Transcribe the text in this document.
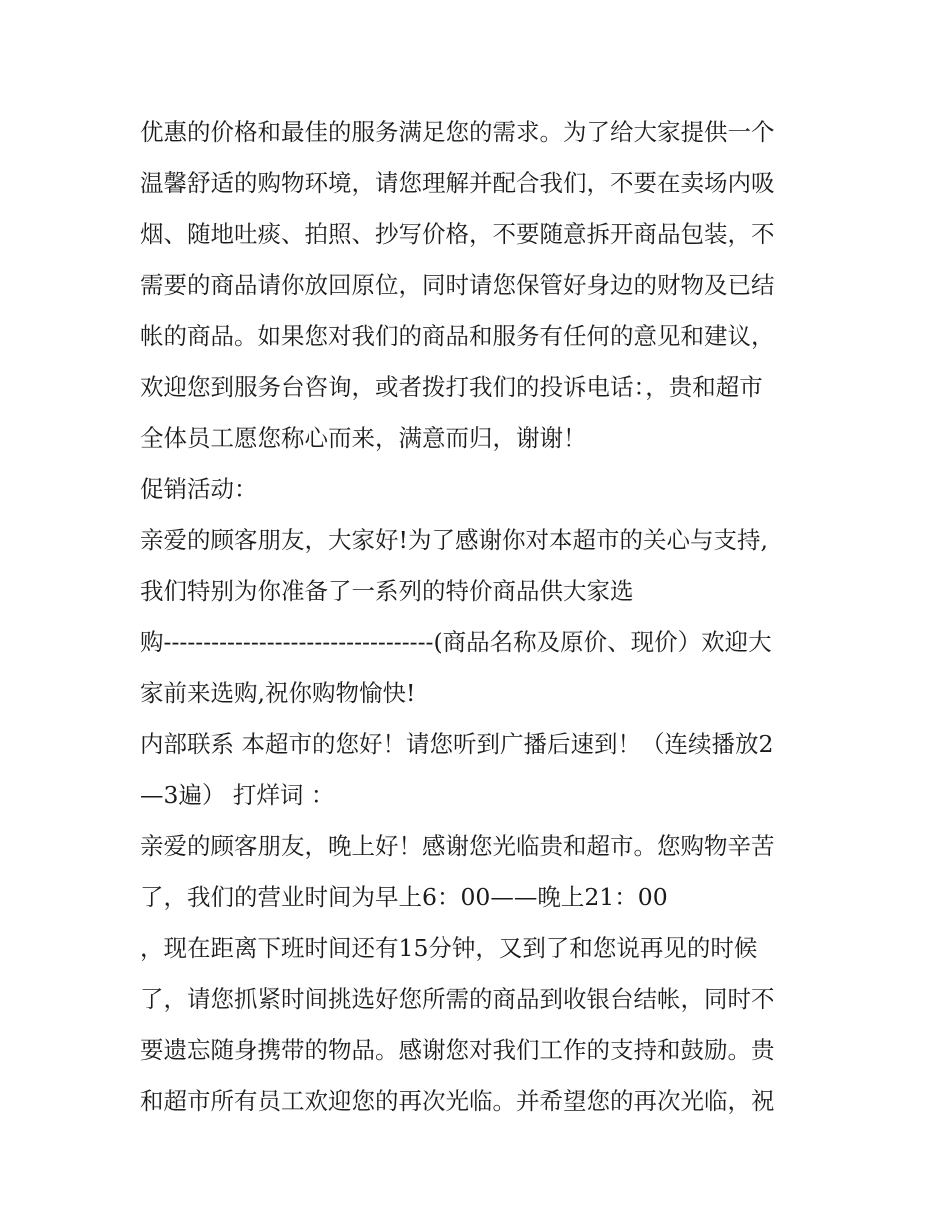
优惠的价格和最佳的服务满足您的需求。为了给大家提供一个
温馨舒适的购物环境，请您理解并配合我们，不要在卖场内吸
烟、随地吐痰、拍照、抄写价格，不要随意拆开商品包装，不
需要的商品请你放回原位，同时请您保管好身边的财物及已结
帐的商品。如果您对我们的商品和服务有任何的意见和建议，
欢迎您到服务台咨询，或者拨打我们的投诉电话：，贵和超市
全体员工愿您称心而来，满意而归，谢谢！
促销活动：
亲爱的顾客朋友，大家好!为了感谢你对本超市的关心与支持,
我们特别为你准备了一系列的特价商品供大家选
购----------------------------------(商品名称及原价、现价）欢迎大
家前来选购,祝你购物愉快!
内部联系 本超市的您好！请您听到广播后速到！（连续播放2
—3遍） 打烊词 ：
亲爱的顾客朋友，晚上好！感谢您光临贵和超市。您购物辛苦
了，我们的营业时间为早上6：00——晚上21：00
，现在距离下班时间还有15分钟，又到了和您说再见的时候
了，请您抓紧时间挑选好您所需的商品到收银台结帐，同时不
要遗忘随身携带的物品。感谢您对我们工作的支持和鼓励。贵
和超市所有员工欢迎您的再次光临。并希望您的再次光临，祝
